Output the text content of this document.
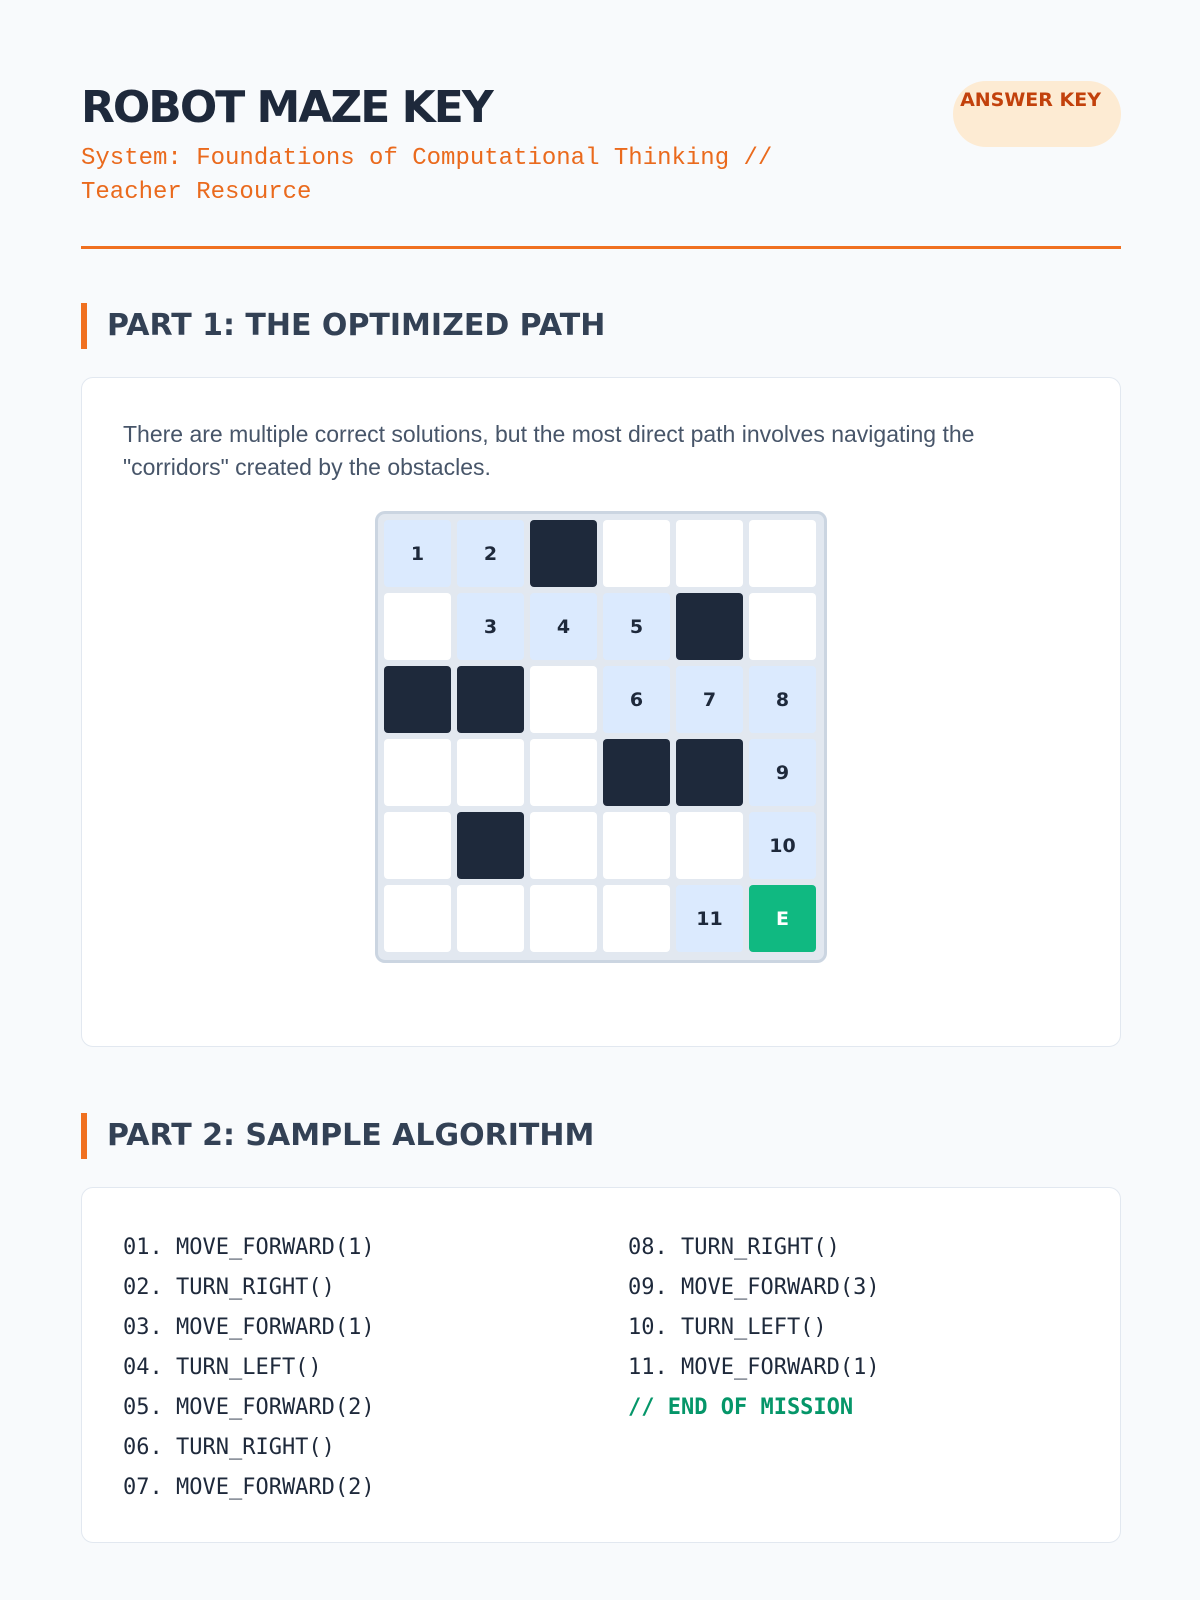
ROBOT MAZE KEY
System: Foundations of Computational Thinking // Teacher Resource
ANSWER KEY
PART 1: THE OPTIMIZED PATH
There are multiple correct solutions, but the most direct path involves navigating the "corridors" created by the obstacles.
1	2
3	4	5
6	7	8
9
10
11	E
PART 2: SAMPLE ALGORITHM
01. MOVE_FORWARD(1)
02. TURN_RIGHT()
03. MOVE_FORWARD(1)
04. TURN_LEFT()
05. MOVE_FORWARD(2)
06. TURN_RIGHT()
07. MOVE_FORWARD(2)
08. TURN_RIGHT()
09. MOVE_FORWARD(3)
10. TURN_LEFT()
11. MOVE_FORWARD(1)
// END OF MISSION
